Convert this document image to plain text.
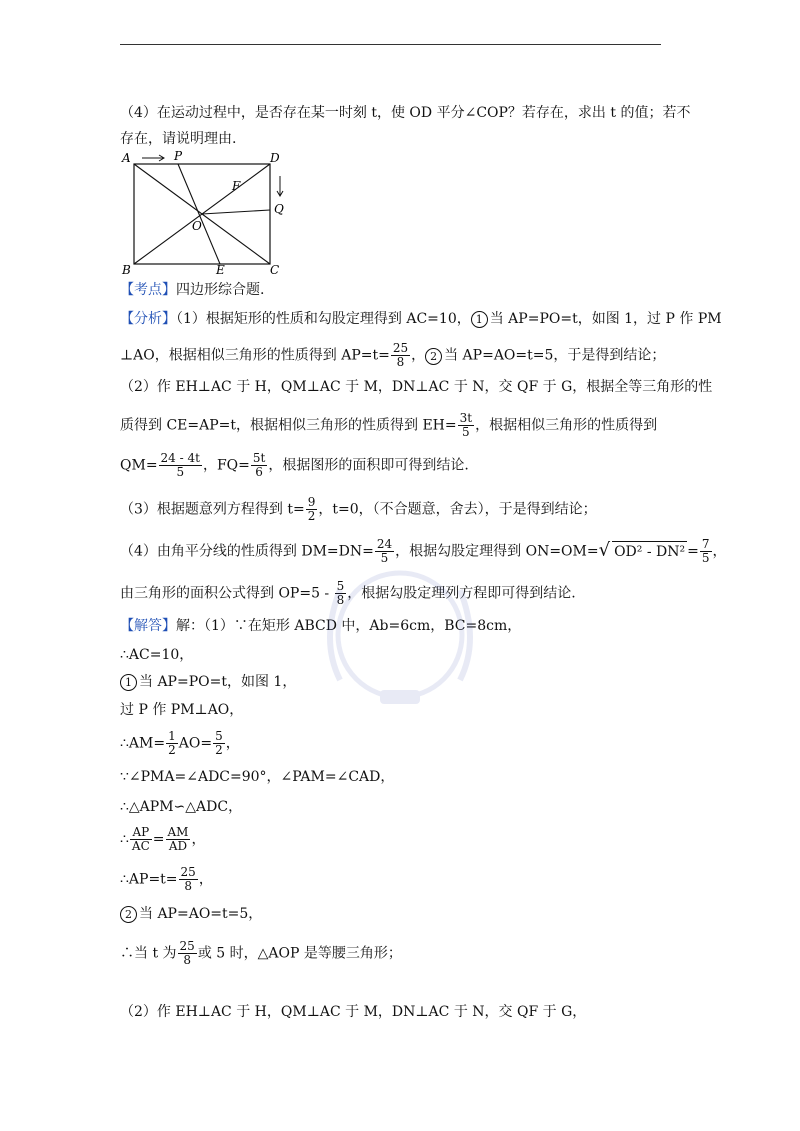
（4）在运动过程中，是否存在某一时刻 t，使 OD 平分∠COP？若存在，求出 t 的值；若不
存在，请说明理由.
A	P	D
F
Q
O
B	E	C
【考点】四边形综合题.
【分析】（1）根据矩形的性质和勾股定理得到 AC=10， 1 当 AP=PO=t，如图 1，过 P 作 PM
⊥AO，根据相似三角形的性质得到 $AP=t= \frac{25}{8}$ ， 2 当 AP=AO=t=5，于是得到结论；
（2）作 EH⊥AC 于 H，QM⊥AC 于 M，DN⊥AC 于 N，交 QF 于 G，根据全等三角形的性
质得到 CE=AP=t，根据相似三角形的性质得到 $EH= \frac{3t}{5}$ ，根据相似三角形的性质得到
$QM= \frac{24 - 4t}{5}$ ，$FQ= \frac{5t}{6}$ ，根据图形的面积即可得到结论.
（3）根据题意列方程得到 $t= \frac{9}{2}$ ，t=0，（不合题意，舍去），于是得到结论；
（4）由角平分线的性质得到 $DM=DN= \frac{24}{5}$ ，根据勾股定理得到 ON=OM=√ $OD^2 - DN^2 = \frac{7}{5}$ ，
由三角形的面积公式得到 $OP=5 - \frac{5}{8}$ ，根据勾股定理列方程即可得到结论.
【解答】解：（1）∵在矩形 ABCD 中，Ab=6cm，BC=8cm，
∴AC=10，
1 当 AP=PO=t，如图 1，
过 P 作 PM⊥AO，
∴AM= $\frac{1}{2} AO= \frac{5}{2}$ ，
∵∠PMA=∠ADC=90°，∠PAM=∠CAD，
∴△APM∽△ADC，
∴ $\frac{AP}{AC} = \frac{AM}{AD}$ ，
∴AP=t= $\frac{25}{8}$ ，
2 当 AP=AO=t=5，
∴当 t 为 $\frac{25}{8}$ 或 5 时，△AOP 是等腰三角形；
（2）作 EH⊥AC 于 H，QM⊥AC 于 M，DN⊥AC 于 N，交 QF 于 G，
